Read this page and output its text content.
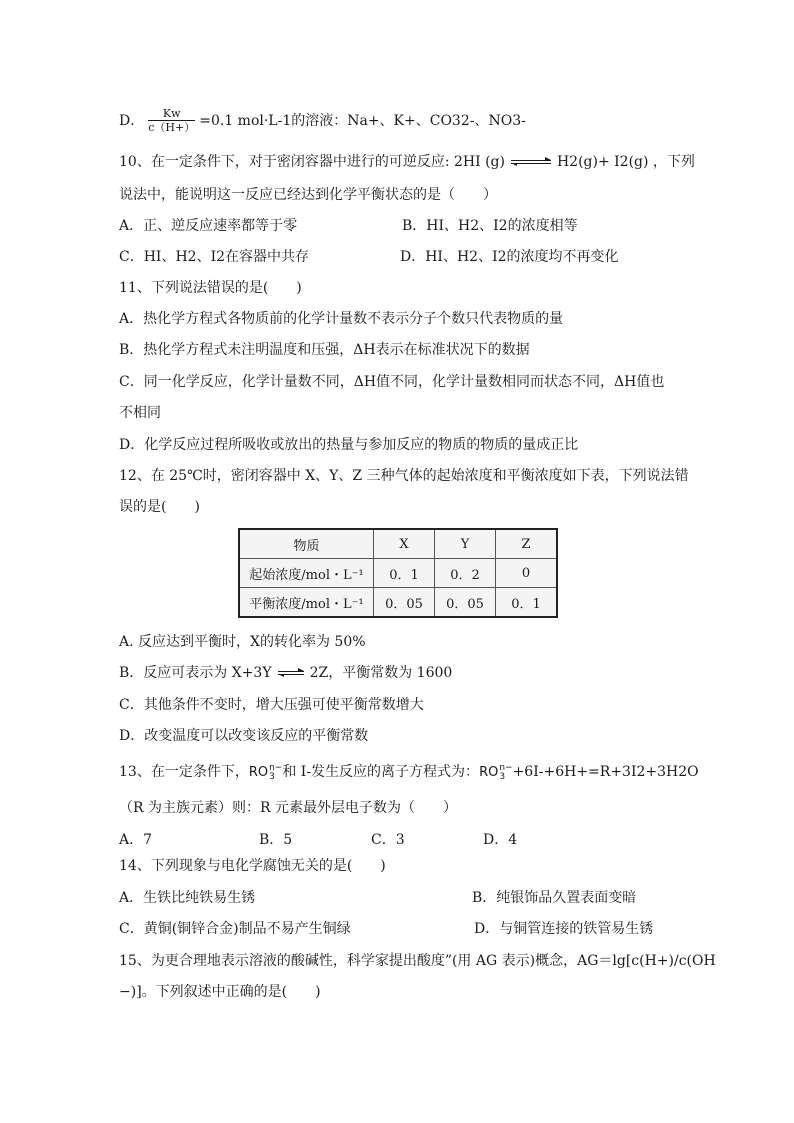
D． $\frac{Kw}{c(H+)} =0.1$ mol·L-1的溶液：Na+、K+、CO32-、NO3-
10、在一定条件下，对于密闭容器中进行的可逆反应: 2HI (g) ⇌ H2(g)+ I2(g) ，下列
说法中，能说明这一反应已经达到化学平衡状态的是（　　）
A．正、逆反应速率都等于零	B．HI、H2、I2的浓度相等
C．HI、H2、I2在容器中共存	D．HI、H2、I2的浓度均不再变化
11、下列说法错误的是(　　)
A．热化学方程式各物质前的化学计量数不表示分子个数只代表物质的量
B．热化学方程式未注明温度和压强，ΔH表示在标准状况下的数据
C．同一化学反应，化学计量数不同，ΔH值不同，化学计量数相同而状态不同，ΔH值也
不相同
D．化学反应过程所吸收或放出的热量与参加反应的物质的物质的量成正比
12、在 25℃时，密闭容器中 X、Y、Z 三种气体的起始浓度和平衡浓度如下表，下列说法错
误的是(　　)
物质	X	Y	Z
起始浓度/mol・L⁻¹	0．1	0．2	0
平衡浓度/mol・L⁻¹	0．05	0．05	0．1
A. 反应达到平衡时，X的转化率为 50%
B．反应可表示为 X+3Y ⇌ 2Z，平衡常数为 1600
C．其他条件不变时，增大压强可使平衡常数增大
D．改变温度可以改变该反应的平衡常数
13、在一定条件下，RO n−
3 和 I-发生反应的离子方程式为：RO n−
3 +6I-+6H+=R+3I2+3H2O
（R 为主族元素）则：R 元素最外层电子数为（　　）
A．7	B．5	C．3	D．4
14、下列现象与电化学腐蚀无关的是(　　)
A．生铁比纯铁易生锈	B．纯银饰品久置表面变暗
C．黄铜(铜锌合金)制品不易产生铜绿	D．与铜管连接的铁管易生锈
15、为更合理地表示溶液的酸碱性，科学家提出酸度”(用 AG 表示)概念，AG＝lg[c(H+)/c(OH
−)]。下列叙述中正确的是(　　)
